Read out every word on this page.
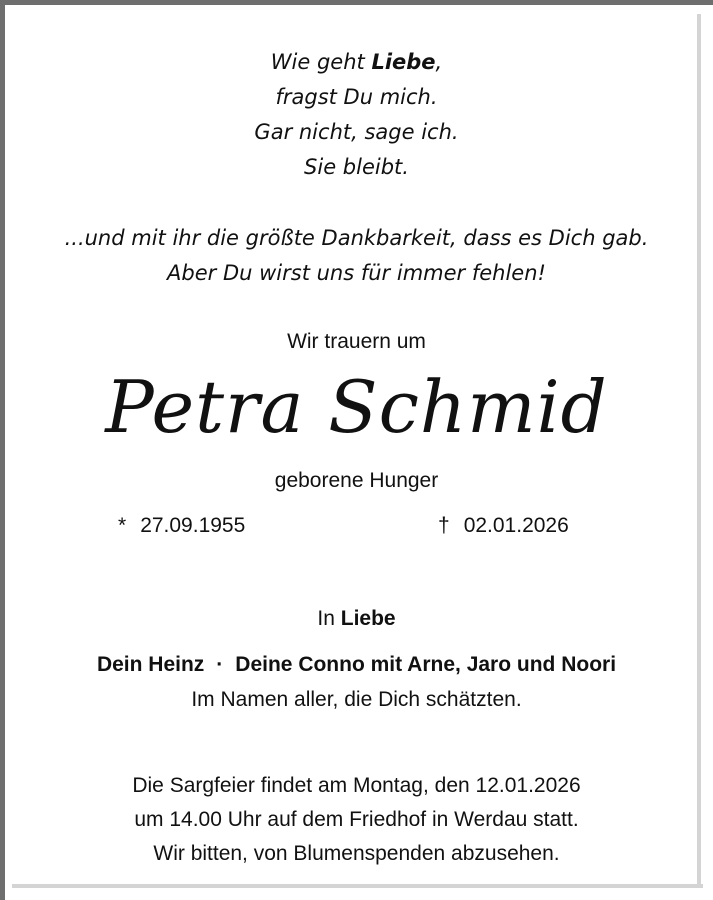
Wie geht Liebe,
fragst Du mich.
Gar nicht, sage ich.
Sie bleibt.
...und mit ihr die größte Dankbarkeit, dass es Dich gab.
Aber Du wirst uns für immer fehlen!
Wir trauern um
Petra Schmid
geborene Hunger
* 27.09.1955	† 02.01.2026
In Liebe
Dein Heinz · Deine Conno mit Arne, Jaro und Noori
Im Namen aller, die Dich schätzten.
Die Sargfeier findet am Montag, den 12.01.2026
um 14.00 Uhr auf dem Friedhof in Werdau statt.
Wir bitten, von Blumenspenden abzusehen.
